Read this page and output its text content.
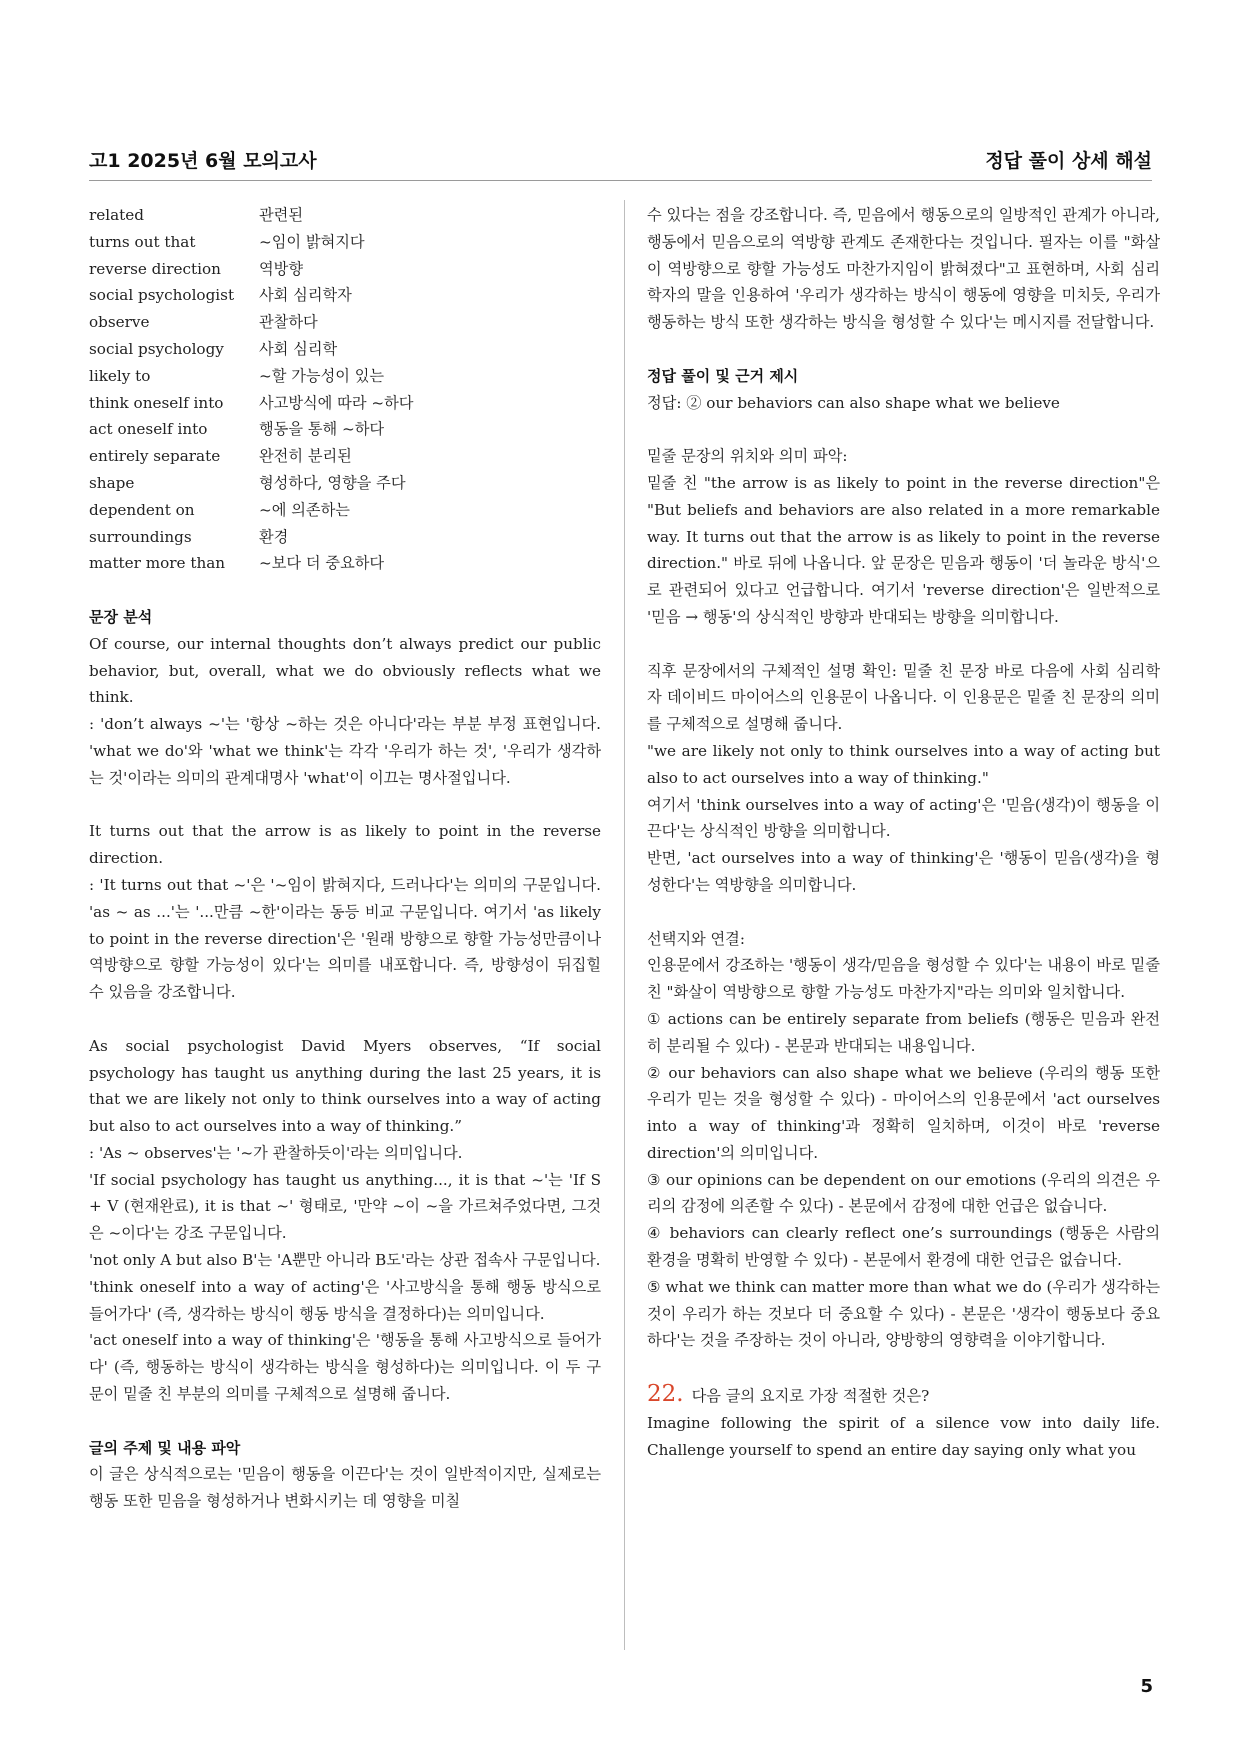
고1 2025년 6월 모의고사	정답 풀이 상세 해설
related	관련된
turns out that	~임이 밝혀지다
reverse direction	역방향
social psychologist	사회 심리학자
observe	관찰하다
social psychology	사회 심리학
likely to	~할 가능성이 있는
think oneself into	사고방식에 따라 ~하다
act oneself into	행동을 통해 ~하다
entirely separate	완전히 분리된
shape	형성하다, 영향을 주다
dependent on	~에 의존하는
surroundings	환경
matter more than	~보다 더 중요하다

문장 분석

Of course, our internal thoughts don’t always predict our public behavior, but, overall, what we do obviously reflects what we think.

: 'don’t always ~'는 '항상 ~하는 것은 아니다'라는 부분 부정 표현입니다. 'what we do'와 'what we think'는 각각 '우리가 하는 것', '우리가 생각하는 것'이라는 의미의 관계대명사 'what'이 이끄는 명사절입니다.

It turns out that the arrow is as likely to point in the reverse direction.

: 'It turns out that ~'은 '~임이 밝혀지다, 드러나다'는 의미의 구문입니다. 'as ~ as ...'는 '...만큼 ~한'이라는 동등 비교 구문입니다. 여기서 'as likely to point in the reverse direction'은 '원래 방향으로 향할 가능성만큼이나 역방향으로 향할 가능성이 있다'는 의미를 내포합니다. 즉, 방향성이 뒤집힐 수 있음을 강조합니다.

As social psychologist David Myers observes, “If social psychology has taught us anything during the last 25 years, it is that we are likely not only to think ourselves into a way of acting but also to act ourselves into a way of thinking.”

: 'As ~ observes'는 '~가 관찰하듯이'라는 의미입니다.

'If social psychology has taught us anything..., it is that ~'는 'If S + V (현재완료), it is that ~' 형태로, '만약 ~이 ~을 가르쳐주었다면, 그것은 ~이다'는 강조 구문입니다.

'not only A but also B'는 'A뿐만 아니라 B도'라는 상관 접속사 구문입니다.

'think oneself into a way of acting'은 '사고방식을 통해 행동 방식으로 들어가다' (즉, 생각하는 방식이 행동 방식을 결정하다)는 의미입니다.

'act oneself into a way of thinking'은 '행동을 통해 사고방식으로 들어가다' (즉, 행동하는 방식이 생각하는 방식을 형성하다)는 의미입니다. 이 두 구문이 밑줄 친 부분의 의미를 구체적으로 설명해 줍니다.

글의 주제 및 내용 파악

이 글은 상식적으로는 '믿음이 행동을 이끈다'는 것이 일반적이지만, 실제로는 행동 또한 믿음을 형성하거나 변화시키는 데 영향을 미칠

수 있다는 점을 강조합니다. 즉, 믿음에서 행동으로의 일방적인 관계가 아니라, 행동에서 믿음으로의 역방향 관계도 존재한다는 것입니다. 필자는 이를 "화살이 역방향으로 향할 가능성도 마찬가지임이 밝혀졌다"고 표현하며, 사회 심리학자의 말을 인용하여 '우리가 생각하는 방식이 행동에 영향을 미치듯, 우리가 행동하는 방식 또한 생각하는 방식을 형성할 수 있다'는 메시지를 전달합니다.

정답 풀이 및 근거 제시

정답: ② our behaviors can also shape what we believe

밑줄 문장의 위치와 의미 파악:

밑줄 친 "the arrow is as likely to point in the reverse direction"은 "But beliefs and behaviors are also related in a more remarkable way. It turns out that the arrow is as likely to point in the reverse direction." 바로 뒤에 나옵니다. 앞 문장은 믿음과 행동이 '더 놀라운 방식'으로 관련되어 있다고 언급합니다. 여기서 'reverse direction'은 일반적으로 '믿음 → 행동'의 상식적인 방향과 반대되는 방향을 의미합니다.

직후 문장에서의 구체적인 설명 확인: 밑줄 친 문장 바로 다음에 사회 심리학자 데이비드 마이어스의 인용문이 나옵니다. 이 인용문은 밑줄 친 문장의 의미를 구체적으로 설명해 줍니다.

"we are likely not only to think ourselves into a way of acting but also to act ourselves into a way of thinking."

여기서 'think ourselves into a way of acting'은 '믿음(생각)이 행동을 이끈다'는 상식적인 방향을 의미합니다.

반면, 'act ourselves into a way of thinking'은 '행동이 믿음(생각)을 형성한다'는 역방향을 의미합니다.

선택지와 연결:

인용문에서 강조하는 '행동이 생각/믿음을 형성할 수 있다'는 내용이 바로 밑줄 친 "화살이 역방향으로 향할 가능성도 마찬가지"라는 의미와 일치합니다.

① actions can be entirely separate from beliefs (행동은 믿음과 완전히 분리될 수 있다) - 본문과 반대되는 내용입니다.

② our behaviors can also shape what we believe (우리의 행동 또한 우리가 믿는 것을 형성할 수 있다) - 마이어스의 인용문에서 'act ourselves into a way of thinking'과 정확히 일치하며, 이것이 바로 'reverse direction'의 의미입니다.

③ our opinions can be dependent on our emotions (우리의 의견은 우리의 감정에 의존할 수 있다) - 본문에서 감정에 대한 언급은 없습니다.

④ behaviors can clearly reflect one’s surroundings (행동은 사람의 환경을 명확히 반영할 수 있다) - 본문에서 환경에 대한 언급은 없습니다.

⑤ what we think can matter more than what we do (우리가 생각하는 것이 우리가 하는 것보다 더 중요할 수 있다) - 본문은 '생각이 행동보다 중요하다'는 것을 주장하는 것이 아니라, 양방향의 영향력을 이야기합니다.

22. 다음 글의 요지로 가장 적절한 것은?

Imagine following the spirit of a silence vow into daily life. Challenge yourself to spend an entire day saying only what you

5
